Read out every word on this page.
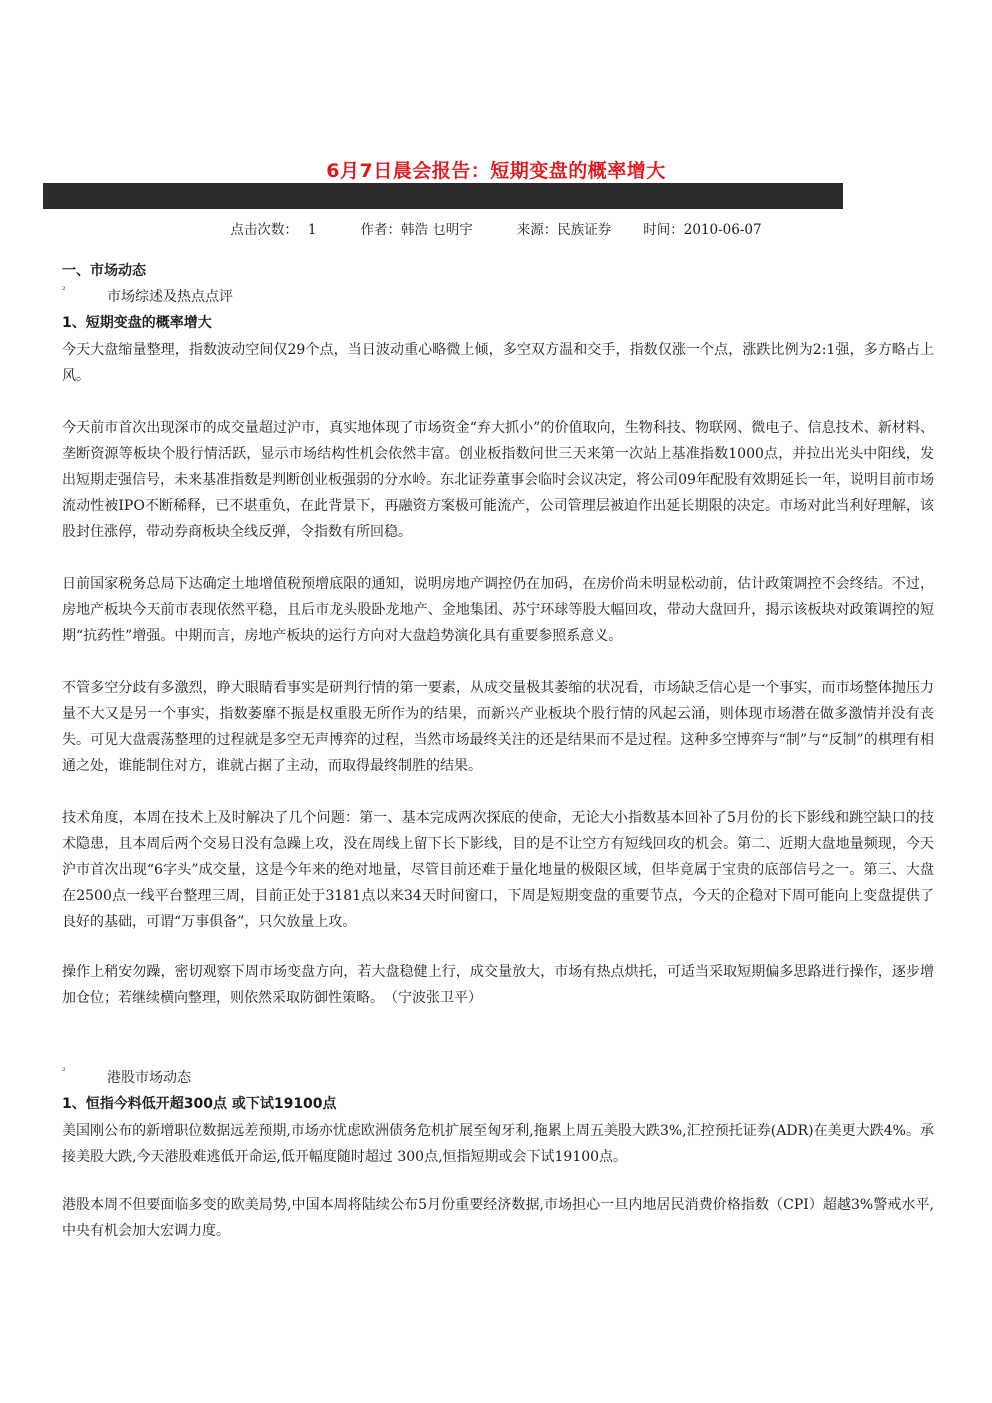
6月7日晨会报告：短期变盘的概率增大
点击次数： 1	作者：韩浩 乜明宇	来源：民族证券 时间：2010-06-07

一、市场动态

²	市场综述及热点点评

1、短期变盘的概率增大

今天大盘缩量整理，指数波动空间仅29个点，当日波动重心略微上倾，多空双方温和交手，指数仅涨一个点，涨跌比例为2:1强，多方略占上风。

今天前市首次出现深市的成交量超过沪市，真实地体现了市场资金“弃大抓小”的价值取向，生物科技、物联网、微电子、信息技术、新材料、垄断资源等板块个股行情活跃，显示市场结构性机会依然丰富。创业板指数问世三天来第一次站上基准指数1000点，并拉出光头中阳线，发出短期走强信号，未来基准指数是判断创业板强弱的分水岭。东北证券董事会临时会议决定，将公司09年配股有效期延长一年，说明目前市场流动性被IPO不断稀释，已不堪重负，在此背景下，再融资方案极可能流产，公司管理层被迫作出延长期限的决定。市场对此当利好理解，该股封住涨停，带动券商板块全线反弹，令指数有所回稳。

日前国家税务总局下达确定土地增值税预增底限的通知，说明房地产调控仍在加码，在房价尚未明显松动前，估计政策调控不会终结。不过，房地产板块今天前市表现依然平稳，且后市龙头股卧龙地产、金地集团、苏宁环球等股大幅回攻，带动大盘回升，揭示该板块对政策调控的短期“抗药性”增强。中期而言，房地产板块的运行方向对大盘趋势演化具有重要参照系意义。

不管多空分歧有多激烈，睁大眼睛看事实是研判行情的第一要素，从成交量极其萎缩的状况看，市场缺乏信心是一个事实，而市场整体抛压力量不大又是另一个事实，指数萎靡不振是权重股无所作为的结果，而新兴产业板块个股行情的风起云涌，则体现市场潜在做多激情并没有丧失。可见大盘震荡整理的过程就是多空无声博弈的过程，当然市场最终关注的还是结果而不是过程。这种多空博弈与“制”与“反制”的棋理有相通之处，谁能制住对方，谁就占据了主动，而取得最终制胜的结果。

技术角度，本周在技术上及时解决了几个问题：第一、基本完成两次探底的使命，无论大小指数基本回补了5月份的长下影线和跳空缺口的技术隐患，且本周后两个交易日没有急躁上攻，没在周线上留下长下影线，目的是不让空方有短线回攻的机会。第二、近期大盘地量频现，今天沪市首次出现“6字头”成交量，这是今年来的绝对地量，尽管目前还难于量化地量的极限区域，但毕竟属于宝贵的底部信号之一。第三、大盘在2500点一线平台整理三周，目前正处于3181点以来34天时间窗口，下周是短期变盘的重要节点，今天的企稳对下周可能向上变盘提供了良好的基础，可谓“万事俱备”，只欠放量上攻。

操作上稍安勿躁，密切观察下周市场变盘方向，若大盘稳健上行，成交量放大，市场有热点烘托，可适当采取短期偏多思路进行操作，逐步增加仓位；若继续横向整理，则依然采取防御性策略。　（宁波张卫平）

²	港股市场动态

1、恒指今料低开超300点 或下试19100点

美国刚公布的新增职位数据远差预期,市场亦忧虑欧洲债务危机扩展至匈牙利,拖累上周五美股大跌3%,汇控预托证券(ADR)在美更大跌4%。承接美股大跌,今天港股难逃低开命运,低开幅度随时超过 300点,恒指短期或会下试19100点。

港股本周不但要面临多变的欧美局势,中国本周将陆续公布5月份重要经济数据,市场担心一旦内地居民消费价格指数（CPI）超越3%警戒水平,中央有机会加大宏调力度。
